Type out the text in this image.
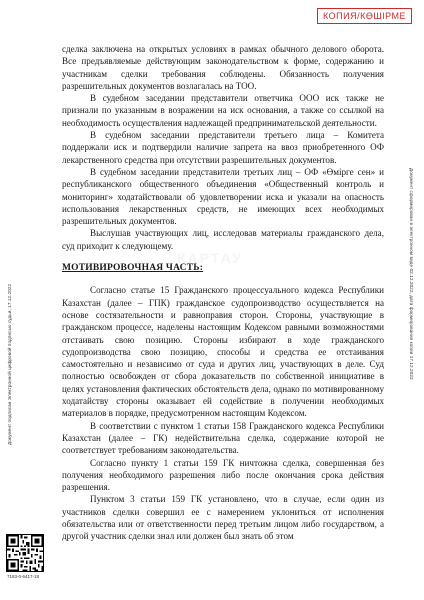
КОПИЯ/КӨШІРМЕ
КАРТАУ
Документ подписан Электронной цифровой подписью судьи, 17.12.2022	Документ сформирован в электронном виде 02.12.2022, дата формирования копии 17.12.2022

сделка заключена на открытых условиях в рамках обычного делового оборота. Все предъявляемые действующим законодательством к форме, содержанию и участникам сделки требования соблюдены. Обязанность получения разрешительных документов возлагалась на ТОО.

В судебном заседании представители ответчика ООО иск также не признали по указанным в возражении на иск основания, а также со ссылкой на необходимость осуществления надлежащей предпринимательской деятельности.

В судебном заседании представители третьего лица – Комитета поддержали иск и подтвердили наличие запрета на ввоз приобретенного ОФ лекарственного средства при отсутствии разрешительных документов.

В судебном заседании представители третьих лиц – ОФ «Өмірге сен» и республиканского общественного объединения «Общественный контроль и мониторинг» ходатайствовали об удовлетворении иска и указали на опасность использования лекарственных средств, не имеющих всех необходимых разрешительных документов.

Выслушав участвующих лиц, исследовав материалы гражданского дела, суд приходит к следующему.

МОТИВИРОВОЧНАЯ ЧАСТЬ:

Согласно статье 15 Гражданского процессуального кодекса Республики Казахстан (далее – ГПК) гражданское судопроизводство осуществляется на основе состязательности и равноправия сторон. Стороны, участвующие в гражданском процессе, наделены настоящим Кодексом равными возможностями отстаивать свою позицию. Стороны избирают в ходе гражданского судопроизводства свою позицию, способы и средства ее отстаивания самостоятельно и независимо от суда и других лиц, участвующих в деле. Суд полностью освобожден от сбора доказательств по собственной инициативе в целях установления фактических обстоятельств дела, однако по мотивированному ходатайству стороны оказывает ей содействие в получении необходимых материалов в порядке, предусмотренном настоящим Кодексом.

В соответствии с пунктом 1 статьи 158 Гражданского кодекса Республики Казахстан (далее – ГК) недействительна сделка, содержание которой не соответствует требованиям законодательства.

Согласно пункту 1 статьи 159 ГК ничтожна сделка, совершенная без получения необходимого разрешения либо после окончания срока действия разрешения.

Пунктом 3 статьи 159 ГК установлено, что в случае, если один из участников сделки совершил ее с намерением уклониться от исполнения обязательства или от ответственности перед третьим лицом либо государством, а другой участник сделки знал или должен был знать об этом

7183-0-6417-18
